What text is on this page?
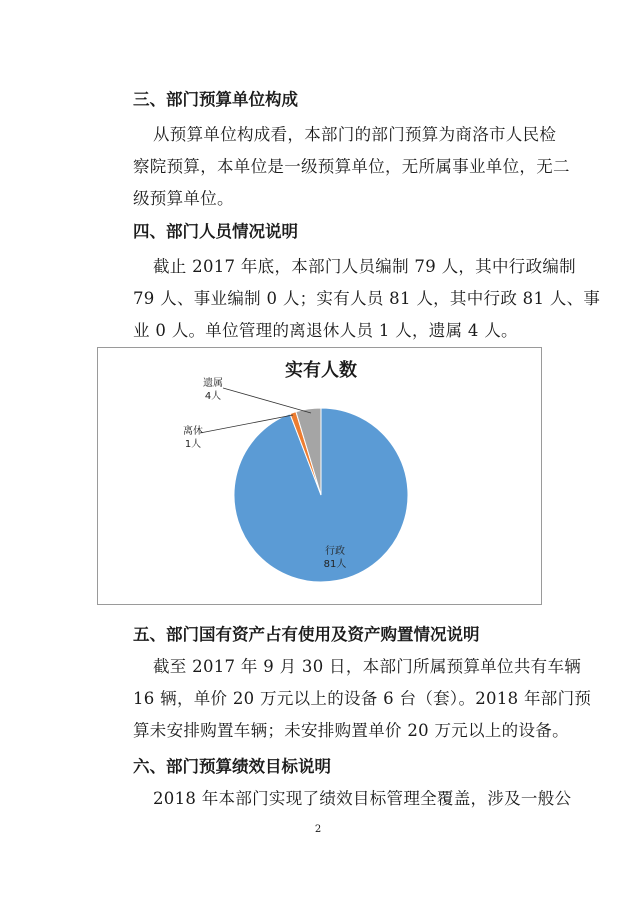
三、部门预算单位构成
从预算单位构成看，本部门的部门预算为商洛市人民检
察院预算，本单位是一级预算单位，无所属事业单位，无二
级预算单位。
四、部门人员情况说明
截止 2017 年底，本部门人员编制 79 人，其中行政编制
79 人、事业编制 0 人；实有人员 81 人，其中行政 81 人、事
业 0 人。单位管理的离退休人员 1 人，遗属 4 人。
实有人数
行政
81人
离休
1人
遗属
4人
五、部门国有资产占有使用及资产购置情况说明
截至 2017 年 9 月 30 日，本部门所属预算单位共有车辆
16 辆，单价 20 万元以上的设备 6 台（套）。2018 年部门预
算未安排购置车辆；未安排购置单价 20 万元以上的设备。
六、部门预算绩效目标说明
2018 年本部门实现了绩效目标管理全覆盖，涉及一般公
2
